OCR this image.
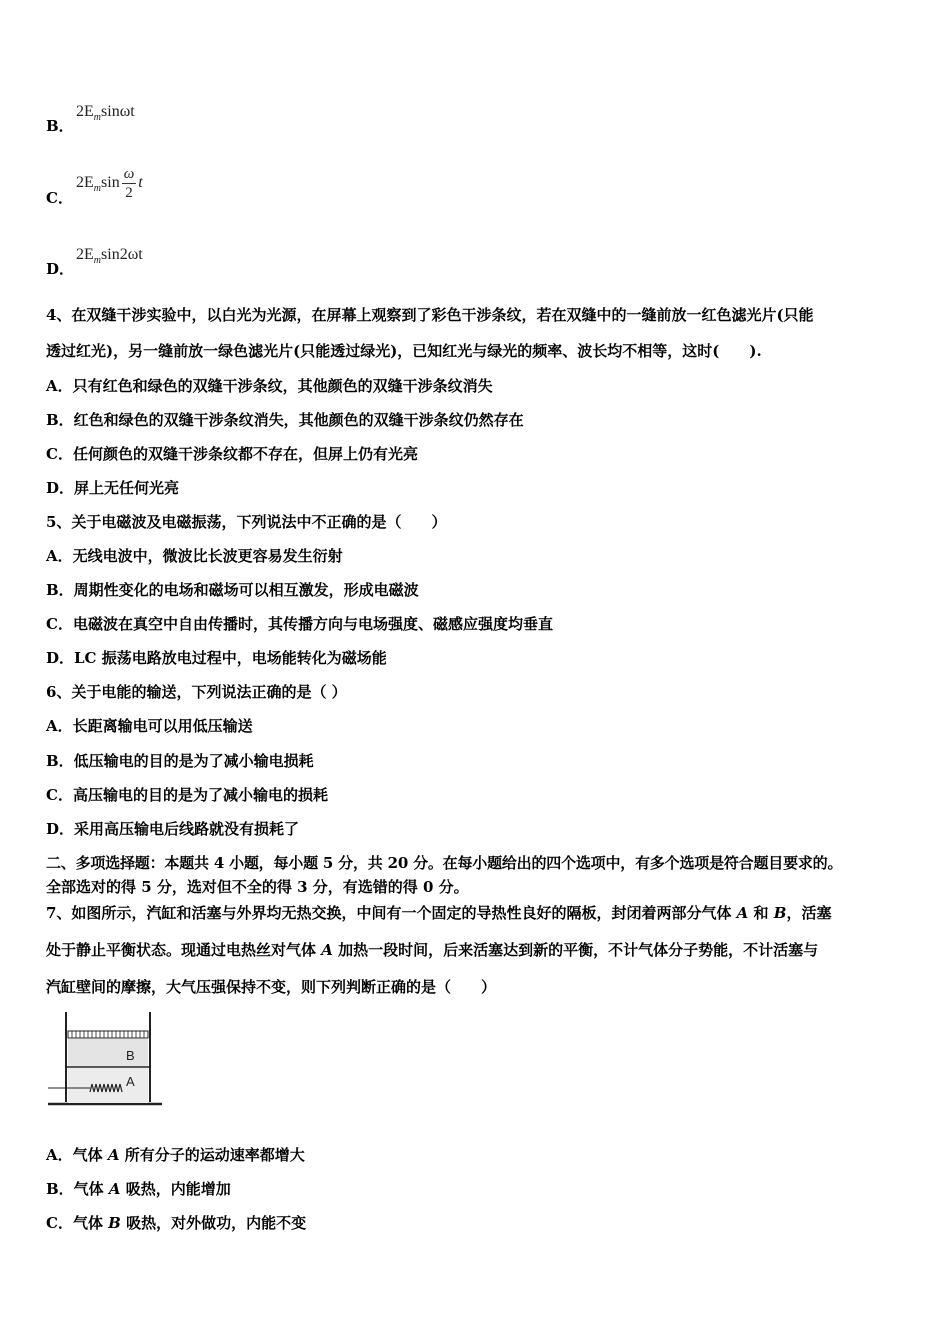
B．
$2E_m\sin\omega t$
C．
$2E_m\sin \frac{\omega}{2}$ t
D．
$2E_m\sin 2\omega t$
4、在双缝干涉实验中，以白光为光源，在屏幕上观察到了彩色干涉条纹，若在双缝中的一缝前放一红色滤光片(只能
透过红光)，另一缝前放一绿色滤光片(只能透过绿光)，已知红光与绿光的频率、波长均不相等，这时(　　).
A．只有红色和绿色的双缝干涉条纹，其他颜色的双缝干涉条纹消失
B．红色和绿色的双缝干涉条纹消失，其他颜色的双缝干涉条纹仍然存在
C．任何颜色的双缝干涉条纹都不存在，但屏上仍有光亮
D．屏上无任何光亮
5、关于电磁波及电磁振荡，下列说法中不正确的是（　　）
A．无线电波中，微波比长波更容易发生衍射
B．周期性变化的电场和磁场可以相互激发，形成电磁波
C．电磁波在真空中自由传播时，其传播方向与电场强度、磁感应强度均垂直
D．LC 振荡电路放电过程中，电场能转化为磁场能
6、关于电能的输送，下列说法正确的是（ ）
A．长距离输电可以用低压输送
B．低压输电的目的是为了减小输电损耗
C．高压输电的目的是为了减小输电的损耗
D．采用高压输电后线路就没有损耗了
二、多项选择题：本题共 4 小题，每小题 5 分，共 20 分。在每小题给出的四个选项中，有多个选项是符合题目要求的。
全部选对的得 5 分，选对但不全的得 3 分，有选错的得 0 分。
7、如图所示，汽缸和活塞与外界均无热交换，中间有一个固定的导热性良好的隔板，封闭着两部分气体 A 和 B，活塞
处于静止平衡状态。现通过电热丝对气体 A 加热一段时间，后来活塞达到新的平衡，不计气体分子势能，不计活塞与
汽缸壁间的摩擦，大气压强保持不变，则下列判断正确的是（　　）
B
A
A．气体 A 所有分子的运动速率都增大
B．气体 A 吸热，内能增加
C．气体 B 吸热，对外做功，内能不变
